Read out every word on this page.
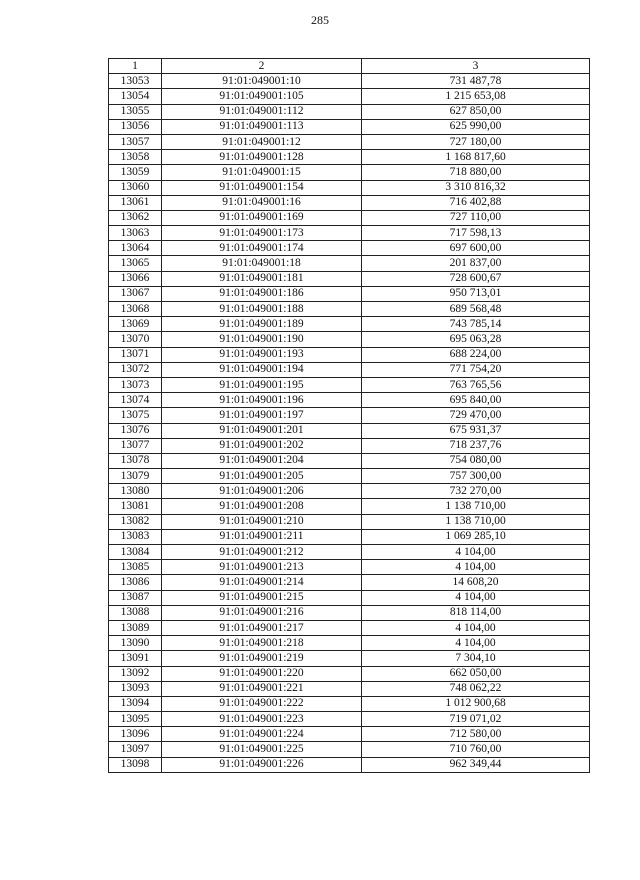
285
1	2	3
13053	91:01:049001:10	731 487,78
13054	91:01:049001:105	1 215 653,08
13055	91:01:049001:112	627 850,00
13056	91:01:049001:113	625 990,00
13057	91:01:049001:12	727 180,00
13058	91:01:049001:128	1 168 817,60
13059	91:01:049001:15	718 880,00
13060	91:01:049001:154	3 310 816,32
13061	91:01:049001:16	716 402,88
13062	91:01:049001:169	727 110,00
13063	91:01:049001:173	717 598,13
13064	91:01:049001:174	697 600,00
13065	91:01:049001:18	201 837,00
13066	91:01:049001:181	728 600,67
13067	91:01:049001:186	950 713,01
13068	91:01:049001:188	689 568,48
13069	91:01:049001:189	743 785,14
13070	91:01:049001:190	695 063,28
13071	91:01:049001:193	688 224,00
13072	91:01:049001:194	771 754,20
13073	91:01:049001:195	763 765,56
13074	91:01:049001:196	695 840,00
13075	91:01:049001:197	729 470,00
13076	91:01:049001:201	675 931,37
13077	91:01:049001:202	718 237,76
13078	91:01:049001:204	754 080,00
13079	91:01:049001:205	757 300,00
13080	91:01:049001:206	732 270,00
13081	91:01:049001:208	1 138 710,00
13082	91:01:049001:210	1 138 710,00
13083	91:01:049001:211	1 069 285,10
13084	91:01:049001:212	4 104,00
13085	91:01:049001:213	4 104,00
13086	91:01:049001:214	14 608,20
13087	91:01:049001:215	4 104,00
13088	91:01:049001:216	818 114,00
13089	91:01:049001:217	4 104,00
13090	91:01:049001:218	4 104,00
13091	91:01:049001:219	7 304,10
13092	91:01:049001:220	662 050,00
13093	91:01:049001:221	748 062,22
13094	91:01:049001:222	1 012 900,68
13095	91:01:049001:223	719 071,02
13096	91:01:049001:224	712 580,00
13097	91:01:049001:225	710 760,00
13098	91:01:049001:226	962 349,44
